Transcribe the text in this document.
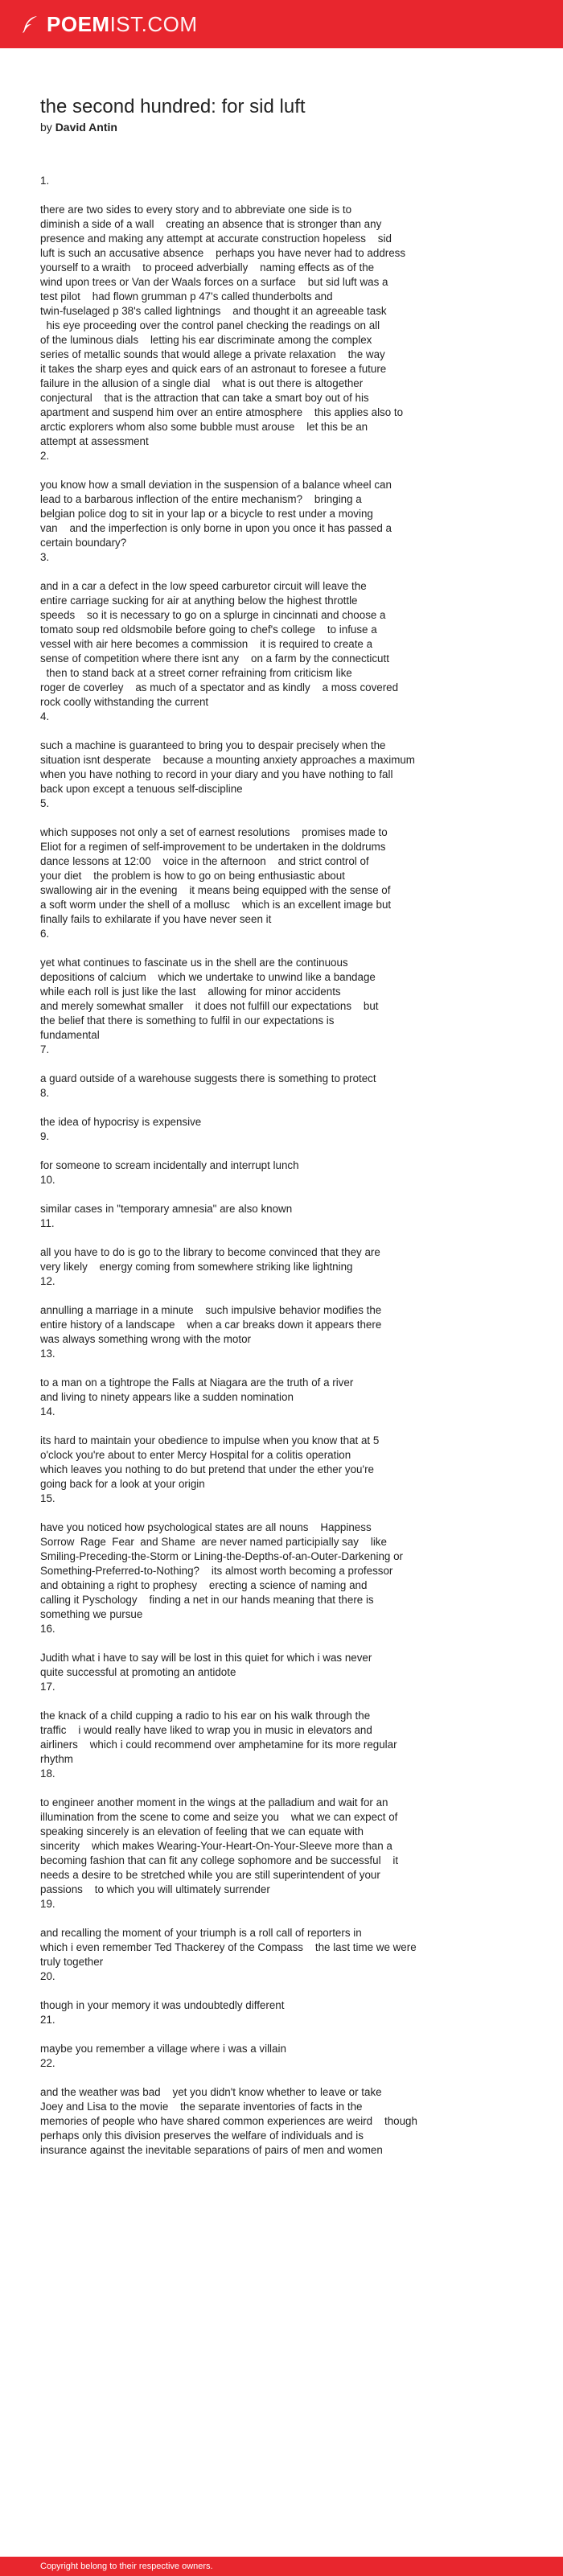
POEM IST.COM
the second hundred: for sid luft
by David Antin
1.
there are two sides to every story and to abbreviate one side is to
diminish a side of a wall    creating an absence that is stronger than any
presence and making any attempt at accurate construction hopeless    sid
luft is such an accusative absence    perhaps you have never had to address
yourself to a wraith    to proceed adverbially    naming effects as of the
wind upon trees or Van der Waals forces on a surface    but sid luft was a
test pilot    had flown grumman p 47's called thunderbolts and
twin-fuselaged p 38's called lightnings    and thought it an agreeable task
his eye proceeding over the control panel checking the readings on all
of the luminous dials    letting his ear discriminate among the complex
series of metallic sounds that would allege a private relaxation    the way
it takes the sharp eyes and quick ears of an astronaut to foresee a future
failure in the allusion of a single dial    what is out there is altogether
conjectural    that is the attraction that can take a smart boy out of his
apartment and suspend him over an entire atmosphere    this applies also to
arctic explorers whom also some bubble must arouse    let this be an
attempt at assessment
2.
you know how a small deviation in the suspension of a balance wheel can
lead to a barbarous inflection of the entire mechanism?    bringing a
belgian police dog to sit in your lap or a bicycle to rest under a moving
van    and the imperfection is only borne in upon you once it has passed a
certain boundary?
3.
and in a car a defect in the low speed carburetor circuit will leave the
entire carriage sucking for air at anything below the highest throttle
speeds    so it is necessary to go on a splurge in cincinnati and choose a
tomato soup red oldsmobile before going to chef's college    to infuse a
vessel with air here becomes a commission    it is required to create a
sense of competition where there isnt any    on a farm by the connecticutt
then to stand back at a street corner refraining from criticism like
roger de coverley    as much of a spectator and as kindly    a moss covered
rock coolly withstanding the current
4.
such a machine is guaranteed to bring you to despair precisely when the
situation isnt desperate    because a mounting anxiety approaches a maximum
when you have nothing to record in your diary and you have nothing to fall
back upon except a tenuous self-discipline
5.
which supposes not only a set of earnest resolutions    promises made to
Eliot for a regimen of self-improvement to be undertaken in the doldrums
dance lessons at 12:00    voice in the afternoon    and strict control of
your diet    the problem is how to go on being enthusiastic about
swallowing air in the evening    it means being equipped with the sense of
a soft worm under the shell of a mollusc    which is an excellent image but
finally fails to exhilarate if you have never seen it
6.
yet what continues to fascinate us in the shell are the continuous
depositions of calcium    which we undertake to unwind like a bandage
while each roll is just like the last    allowing for minor accidents
and merely somewhat smaller    it does not fulfill our expectations    but
the belief that there is something to fulfil in our expectations is
fundamental
7.
a guard outside of a warehouse suggests there is something to protect
8.
the idea of hypocrisy is expensive
9.
for someone to scream incidentally and interrupt lunch
10.
similar cases in "temporary amnesia" are also known
11.
all you have to do is go to the library to become convinced that they are
very likely    energy coming from somewhere striking like lightning
12.
annulling a marriage in a minute    such impulsive behavior modifies the
entire history of a landscape    when a car breaks down it appears there
was always something wrong with the motor
13.
to a man on a tightrope the Falls at Niagara are the truth of a river
and living to ninety appears like a sudden nomination
14.
its hard to maintain your obedience to impulse when you know that at 5
o'clock you're about to enter Mercy Hospital for a colitis operation
which leaves you nothing to do but pretend that under the ether you're
going back for a look at your origin
15.
have you noticed how psychological states are all nouns    Happiness
Sorrow  Rage  Fear  and Shame  are never named participially say    like
Smiling-Preceding-the-Storm or Lining-the-Depths-of-an-Outer-Darkening or
Something-Preferred-to-Nothing?    its almost worth becoming a professor
and obtaining a right to prophesy    erecting a science of naming and
calling it Pyschology    finding a net in our hands meaning that there is
something we pursue
16.
Judith what i have to say will be lost in this quiet for which i was never
quite successful at promoting an antidote
17.
the knack of a child cupping a radio to his ear on his walk through the
traffic    i would really have liked to wrap you in music in elevators and
airliners    which i could recommend over amphetamine for its more regular
rhythm
18.
to engineer another moment in the wings at the palladium and wait for an
illumination from the scene to come and seize you    what we can expect of
speaking sincerely is an elevation of feeling that we can equate with
sincerity    which makes Wearing-Your-Heart-On-Your-Sleeve more than a
becoming fashion that can fit any college sophomore and be successful    it
needs a desire to be stretched while you are still superintendent of your
passions    to which you will ultimately surrender
19.
and recalling the moment of your triumph is a roll call of reporters in
which i even remember Ted Thackerey of the Compass    the last time we were
truly together
20.
though in your memory it was undoubtedly different
21.
maybe you remember a village where i was a villain
22.
and the weather was bad    yet you didn't know whether to leave or take
Joey and Lisa to the movie    the separate inventories of facts in the
memories of people who have shared common experiences are weird    though
perhaps only this division preserves the welfare of individuals and is
insurance against the inevitable separations of pairs of men and women
Copyright belong to their respective owners.
